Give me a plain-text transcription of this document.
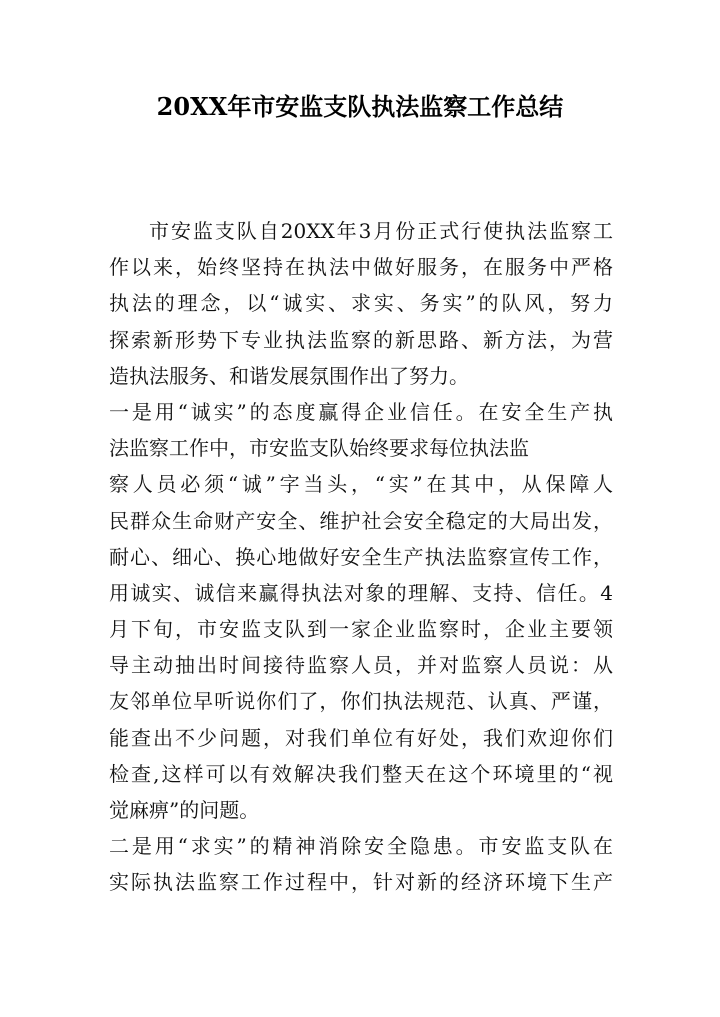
20XX年市安监支队执法监察工作总结
市安监支队自20XX年3月份正式行使执法监察工
作以来，始终坚持在执法中做好服务，在服务中严格
执法的理念，以“诚实、求实、务实”的队风，努力
探索新形势下专业执法监察的新思路、新方法，为营
造执法服务、和谐发展氛围作出了努力。
一是用“诚实”的态度赢得企业信任。在安全生产执
法监察工作中，市安监支队始终要求每位执法监
察人员必须“诚”字当头，“实”在其中，从保障人
民群众生命财产安全、维护社会安全稳定的大局出发，
耐心、细心、换心地做好安全生产执法监察宣传工作，
用诚实、诚信来赢得执法对象的理解、支持、信任。4
月下旬，市安监支队到一家企业监察时，企业主要领
导主动抽出时间接待监察人员，并对监察人员说：从
友邻单位早听说你们了，你们执法规范、认真、严谨，
能查出不少问题，对我们单位有好处，我们欢迎你们
检查,这样可以有效解决我们整天在这个环境里的“视
觉麻痹”的问题。
二是用“求实”的精神消除安全隐患。市安监支队在
实际执法监察工作过程中，针对新的经济环境下生产
